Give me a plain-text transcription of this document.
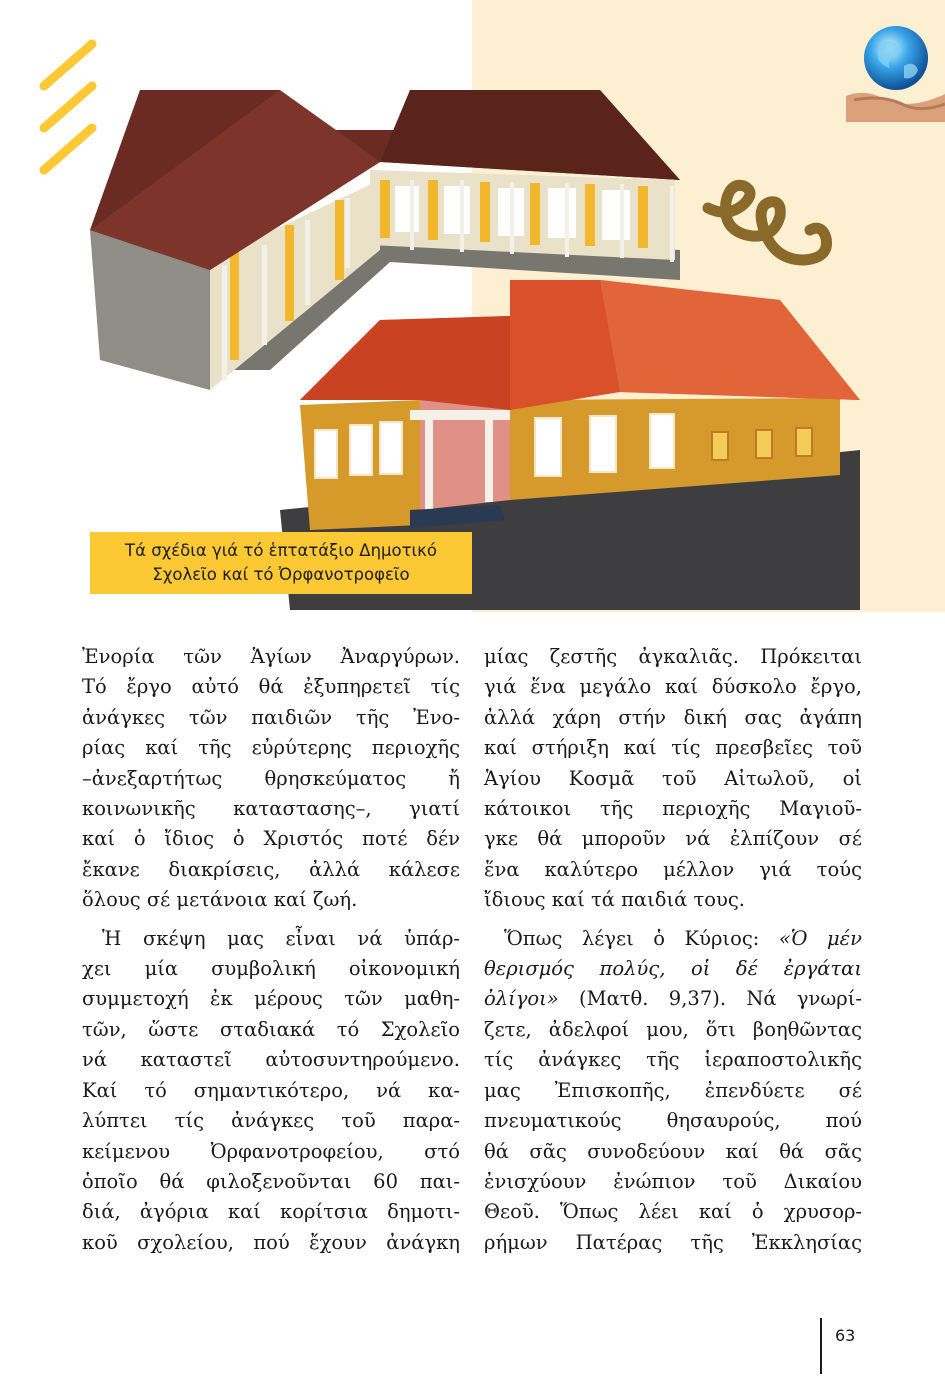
Τά σχέδια γιά τό ἑπτατάξιο Δημοτικό
Σχολεῖο καί τό Ὀρφανοτροφεῖο

Ἐνορία τῶν Ἁγίων Ἀναργύρων.
Τό ἔργο αὐτό θά ἐξυπηρετεῖ τίς
ἀνάγκες τῶν παιδιῶν τῆς Ἐνο-
ρίας καί τῆς εὐρύτερης περιοχῆς
–ἀνεξαρτήτως θρησκεύματος ἤ
κοινωνικῆς καταστασης–, γιατί
καί ὁ ἴδιος ὁ Χριστός ποτέ δέν
ἔκανε διακρίσεις, ἀλλά κάλεσε
ὅλους σέ μετάνοια καί ζωή.

Ἡ σκέψη μας εἶναι νά ὑπάρ-
χει μία συμβολική οἰκονομική
συμμετοχή ἐκ μέρους τῶν μαθη-
τῶν, ὥστε σταδιακά τό Σχολεῖο
νά καταστεῖ αὐτοσυντηρούμενο.
Καί τό σημαντικότερο, νά κα-
λύπτει τίς ἀνάγκες τοῦ παρα-
κείμενου Ὀρφανοτροφείου, στό
ὁποῖο θά φιλοξενοῦνται 60 παι-
διά, ἀγόρια καί κορίτσια δημοτι-
κοῦ σχολείου, πού ἔχουν ἀνάγκη

μίας ζεστῆς ἀγκαλιᾶς. Πρόκειται
γιά ἕνα μεγάλο καί δύσκολο ἔργο,
ἀλλά χάρη στήν δική σας ἀγάπη
καί στήριξη καί τίς πρεσβεῖες τοῦ
Ἁγίου Κοσμᾶ τοῦ Αἰτωλοῦ, οἱ
κάτοικοι τῆς περιοχῆς Μαγιοῦ-
γκε θά μποροῦν νά ἐλπίζουν σέ
ἕνα καλύτερο μέλλον γιά τούς
ἴδιους καί τά παιδιά τους.

Ὅπως λέγει ὁ Κύριος: «Ὁ μέν
θερισμός πολύς, οἱ δέ ἐργάται
ὀλίγοι» (Ματθ. 9,37). Νά γνωρί-
ζετε, ἀδελφοί μου, ὅτι βοηθῶντας
τίς ἀνάγκες τῆς ἱεραποστολικῆς
μας Ἐπισκοπῆς, ἐπενδύετε σέ
πνευματικούς θησαυρούς, πού
θά σᾶς συνοδεύουν καί θά σᾶς
ἐνισχύουν ἐνώπιον τοῦ Δικαίου
Θεοῦ. Ὅπως λέει καί ὁ χρυσορ-
ρήμων Πατέρας τῆς Ἐκκλησίας

63
